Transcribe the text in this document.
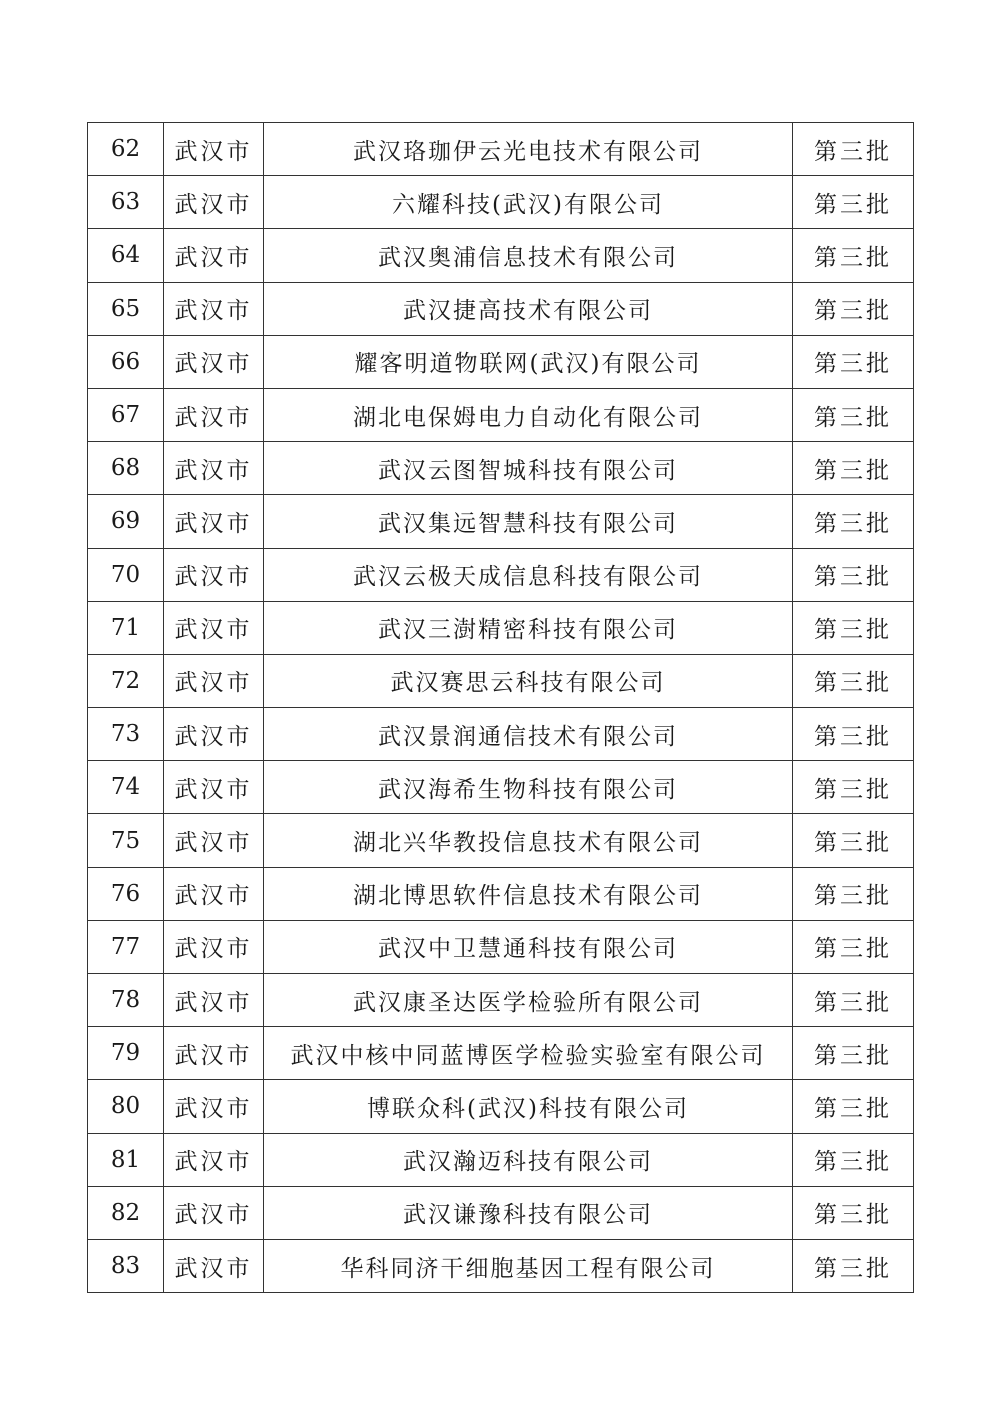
62	武汉市	武汉珞珈伊云光电技术有限公司	第三批
63	武汉市	六耀科技(武汉)有限公司	第三批
64	武汉市	武汉奥浦信息技术有限公司	第三批
65	武汉市	武汉捷高技术有限公司	第三批
66	武汉市	耀客明道物联网(武汉)有限公司	第三批
67	武汉市	湖北电保姆电力自动化有限公司	第三批
68	武汉市	武汉云图智城科技有限公司	第三批
69	武汉市	武汉集远智慧科技有限公司	第三批
70	武汉市	武汉云极天成信息科技有限公司	第三批
71	武汉市	武汉三澍精密科技有限公司	第三批
72	武汉市	武汉赛思云科技有限公司	第三批
73	武汉市	武汉景润通信技术有限公司	第三批
74	武汉市	武汉海希生物科技有限公司	第三批
75	武汉市	湖北兴华教投信息技术有限公司	第三批
76	武汉市	湖北博思软件信息技术有限公司	第三批
77	武汉市	武汉中卫慧通科技有限公司	第三批
78	武汉市	武汉康圣达医学检验所有限公司	第三批
79	武汉市	武汉中核中同蓝博医学检验实验室有限公司	第三批
80	武汉市	博联众科(武汉)科技有限公司	第三批
81	武汉市	武汉瀚迈科技有限公司	第三批
82	武汉市	武汉谦豫科技有限公司	第三批
83	武汉市	华科同济干细胞基因工程有限公司	第三批
